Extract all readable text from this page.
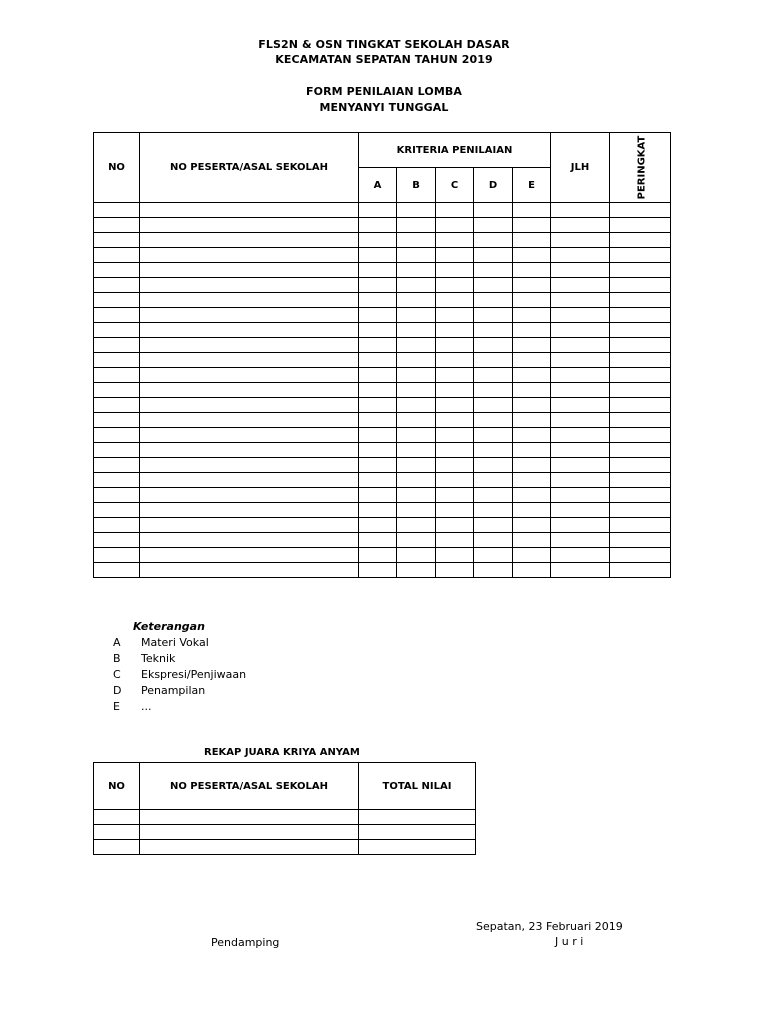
FLS2N & OSN TINGKAT SEKOLAH DASAR
KECAMATAN SEPATAN TAHUN 2019
FORM PENILAIAN LOMBA
MENYANYI TUNGGAL
NO	NO PESERTA/ASAL SEKOLAH	KRITERIA PENILAIAN					JLH	PERINGKAT
		A	B	C	D	E		

Keterangan
A Materi Vokal
B Teknik
C Ekspresi/Penjiwaan
D Penampilan
E ...
REKAP JUARA KRIYA ANYAM
NO	NO PESERTA/ASAL SEKOLAH	TOTAL NILAI

Sepatan, 23 Februari 2019
J u r i
Pendamping
